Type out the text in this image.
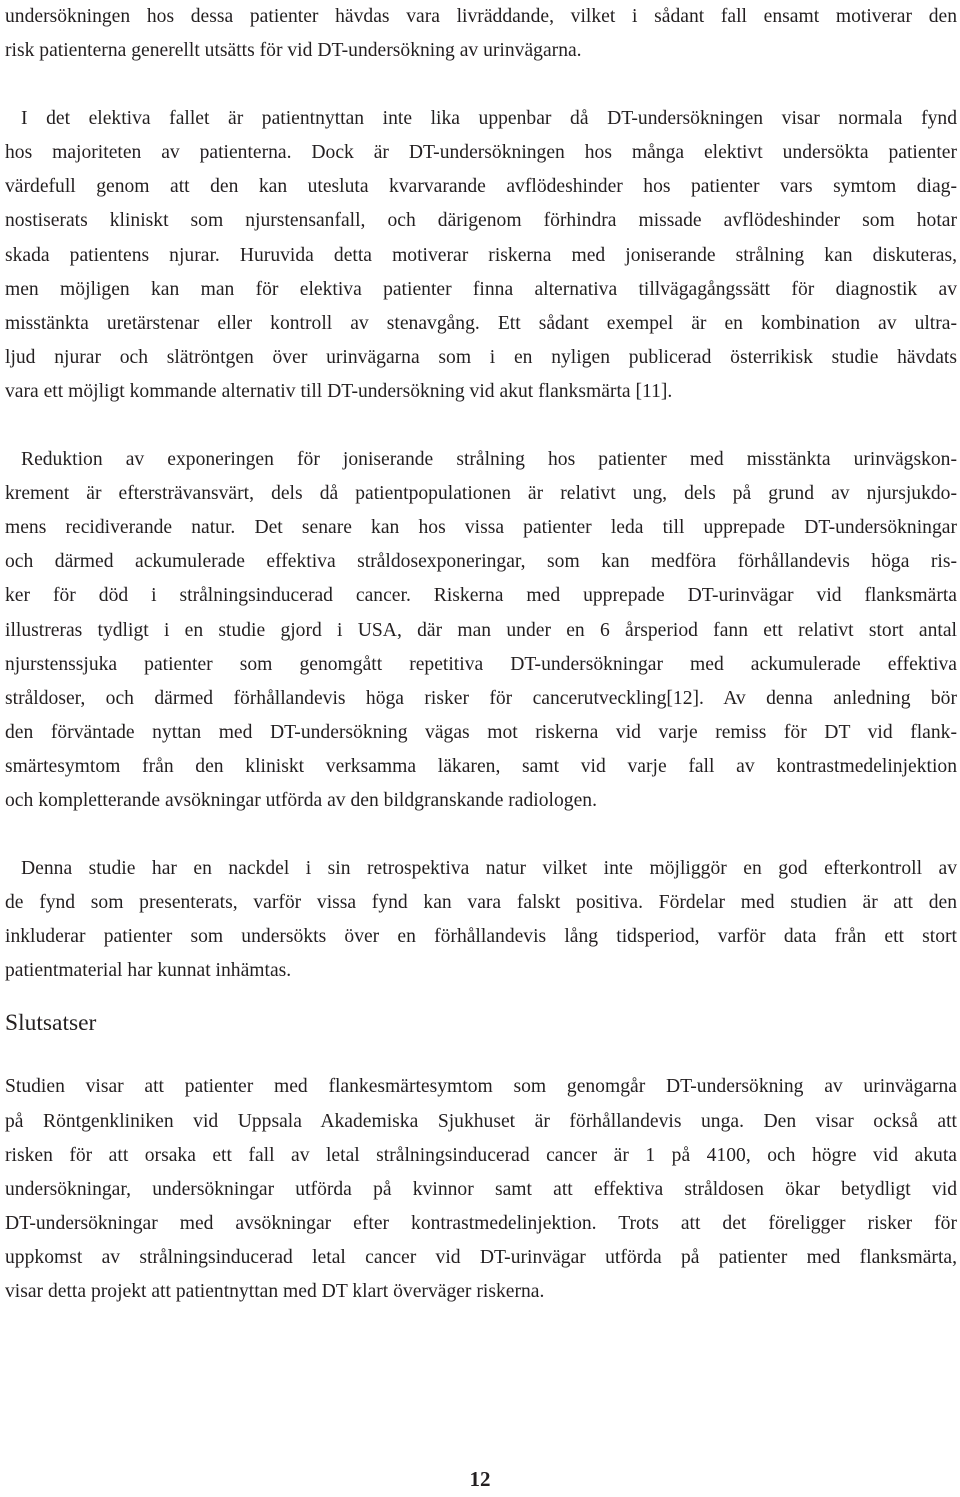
undersökningen hos dessa patienter hävdas vara livräddande, vilket i sådant fall ensamt motiverar den
risk patienterna generellt utsätts för vid DT-undersökning av urinvägarna.
I det elektiva fallet är patientnyttan inte lika uppenbar då DT-undersökningen visar normala fynd
hos majoriteten av patienterna. Dock är DT-undersökningen hos många elektivt undersökta patienter
värdefull genom att den kan utesluta kvarvarande avflödeshinder hos patienter vars symtom diag-
nostiserats kliniskt som njurstensanfall, och därigenom förhindra missade avflödeshinder som hotar
skada patientens njurar. Huruvida detta motiverar riskerna med joniserande strålning kan diskuteras,
men möjligen kan man för elektiva patienter finna alternativa tillvägagångssätt för diagnostik av
misstänkta uretärstenar eller kontroll av stenavgång. Ett sådant exempel är en kombination av ultra-
ljud njurar och slätröntgen över urinvägarna som i en nyligen publicerad österrikisk studie hävdats
vara ett möjligt kommande alternativ till DT-undersökning vid akut flanksmärta [11].
Reduktion av exponeringen för joniserande strålning hos patienter med misstänkta urinvägskon-
krement är eftersträvansvärt, dels då patientpopulationen är relativt ung, dels på grund av njursjukdo-
mens recidiverande natur. Det senare kan hos vissa patienter leda till upprepade DT-undersökningar
och därmed ackumulerade effektiva stråldosexponeringar, som kan medföra förhållandevis höga ris-
ker för död i strålningsinducerad cancer. Riskerna med upprepade DT-urinvägar vid flanksmärta
illustreras tydligt i en studie gjord i USA, där man under en 6 årsperiod fann ett relativt stort antal
njurstenssjuka patienter som genomgått repetitiva DT-undersökningar med ackumulerade effektiva
stråldoser, och därmed förhållandevis höga risker för cancerutveckling[12]. Av denna anledning bör
den förväntade nyttan med DT-undersökning vägas mot riskerna vid varje remiss för DT vid flank-
smärtesymtom från den kliniskt verksamma läkaren, samt vid varje fall av kontrastmedelinjektion
och kompletterande avsökningar utförda av den bildgranskande radiologen.
Denna studie har en nackdel i sin retrospektiva natur vilket inte möjliggör en god efterkontroll av
de fynd som presenterats, varför vissa fynd kan vara falskt positiva. Fördelar med studien är att den
inkluderar patienter som undersökts över en förhållandevis lång tidsperiod, varför data från ett stort
patientmaterial har kunnat inhämtas.
Slutsatser
Studien visar att patienter med flankesmärtesymtom som genomgår DT-undersökning av urinvägarna
på Röntgenkliniken vid Uppsala Akademiska Sjukhuset är förhållandevis unga. Den visar också att
risken för att orsaka ett fall av letal strålningsinducerad cancer är 1 på 4100, och högre vid akuta
undersökningar, undersökningar utförda på kvinnor samt att effektiva stråldosen ökar betydligt vid
DT-undersökningar med avsökningar efter kontrastmedelinjektion. Trots att det föreligger risker för
uppkomst av strålningsinducerad letal cancer vid DT-urinvägar utförda på patienter med flanksmärta,
visar detta projekt att patientnyttan med DT klart överväger riskerna.
12
